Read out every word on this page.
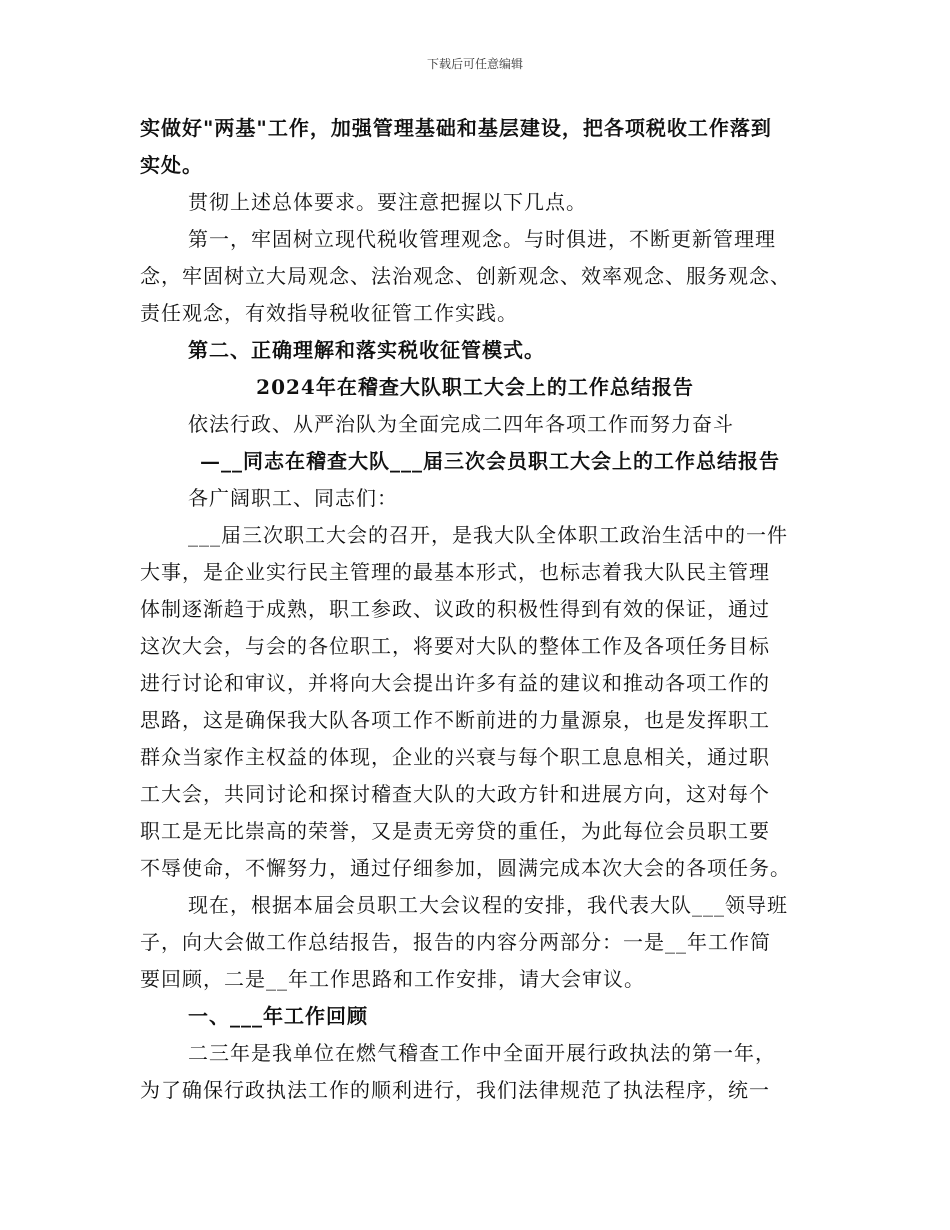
下载后可任意编辑
实做好"两基"工作，加强管理基础和基层建设，把各项税收工作落到
实处。
贯彻上述总体要求。要注意把握以下几点。
第一，牢固树立现代税收管理观念。与时俱进，不断更新管理理
念，牢固树立大局观念、法治观念、创新观念、效率观念、服务观念、
责任观念，有效指导税收征管工作实践。
第二、正确理解和落实税收征管模式。
2024年在稽查大队职工大会上的工作总结报告
依法行政、从严治队为全面完成二四年各项工作而努力奋斗
—__同志在稽查大队___届三次会员职工大会上的工作总结报告
各广阔职工、同志们：
___届三次职工大会的召开，是我大队全体职工政治生活中的一件
大事，是企业实行民主管理的最基本形式，也标志着我大队民主管理
体制逐渐趋于成熟，职工参政、议政的积极性得到有效的保证，通过
这次大会，与会的各位职工，将要对大队的整体工作及各项任务目标
进行讨论和审议，并将向大会提出许多有益的建议和推动各项工作的
思路，这是确保我大队各项工作不断前进的力量源泉，也是发挥职工
群众当家作主权益的体现，企业的兴衰与每个职工息息相关，通过职
工大会，共同讨论和探讨稽查大队的大政方针和进展方向，这对每个
职工是无比崇高的荣誉，又是责无旁贷的重任，为此每位会员职工要
不辱使命，不懈努力，通过仔细参加，圆满完成本次大会的各项任务。
现在，根据本届会员职工大会议程的安排，我代表大队___领导班
子，向大会做工作总结报告，报告的内容分两部分：一是__年工作简
要回顾，二是__年工作思路和工作安排，请大会审议。
一、___年工作回顾
二三年是我单位在燃气稽查工作中全面开展行政执法的第一年，
为了确保行政执法工作的顺利进行，我们法律规范了执法程序，统一
